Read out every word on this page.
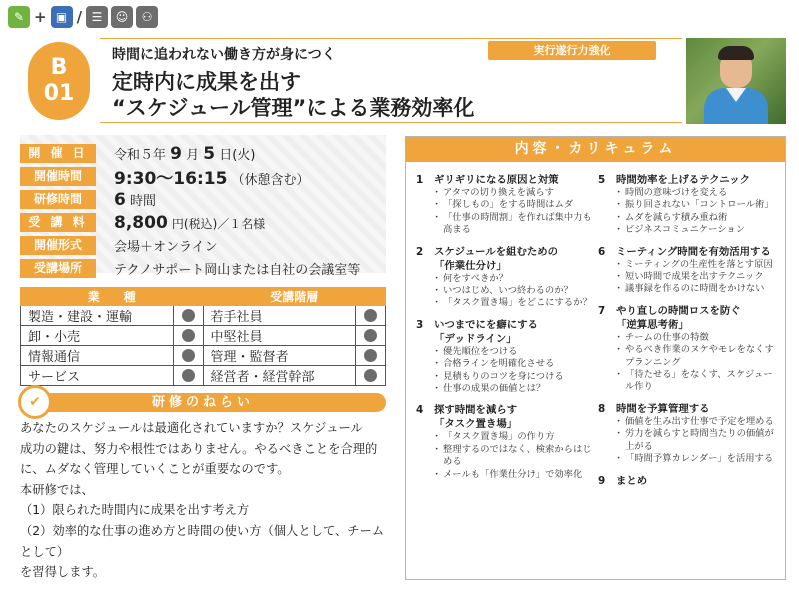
✎ + ▣ / ☰	☺	⚇
B
01
実行遂行力強化
時間に追われない働き方が身につく
定時内に成果を出す
“スケジュール管理”による業務効率化
開 催 日	令和５年 9 月 5 日(火)
開催時間	9:30～16:15 （休憩含む）
研修時間	6 時間
受 講 料	8,800 円(税込)／１名様
開催形式	会場＋オンライン
受講場所	テクノサポート岡山または自社の会議室等
業　　種		受講階層	
製造・建設・運輸		若手社員	
卸・小売		中堅社員	
情報通信		管理・監督者	
サービス		経営者・経営幹部	
研修のねらい
✔
あなたのスケジュールは最適化されていますか？スケジュール
成功の鍵は、努力や根性ではありません。やるべきことを合理的
に、ムダなく管理していくことが重要なのです。
本研修では、
（1）限られた時間内に成果を出す考え方
（2）効率的な仕事の進め方と時間の使い方（個人として、チーム
として）
を習得します。
内容・カリキュラム
1	ギリギリになる原因と対策
・ アタマの切り換えを減らす
・ 「探しもの」をする時間はムダ
・ 「仕事の時間割」を作れば集中力も高まる
2	スケジュールを組むための
「作業仕分け」
・ 何をすべきか？
・ いつはじめ、いつ終わるのか？
・ 「タスク置き場」をどこにするか？
3	いつまでにを癖にする
「デッドライン」
・ 優先順位をつける
・ 合格ラインを明確化させる
・ 見積もりのコツを身につける
・ 仕事の成果の価値とは？
4	探す時間を減らす
「タスク置き場」
・ 「タスク置き場」の作り方
・ 整理するのではなく、検索からはじめる
・ メールも「作業仕分け」で効率化
5	時間効率を上げるテクニック
・ 時間の意味づけを変える
・ 振り回されない「コントロール術」
・ ムダを減らす積み重ね術
・ ビジネスコミュニケーション
6	ミーティング時間を有効活用する
・ ミーティングの生産性を落とす原因
・ 短い時間で成果を出すテクニック
・ 議事録を作るのに時間をかけない
7	やり直しの時間ロスを防ぐ
「逆算思考術」
・ チームの仕事の特徴
・ やるべき作業のヌケやモレをなくすプランニング
・ 「待たせる」をなくす、スケジュール作り
8	時間を予算管理する
・ 価値を生み出す仕事で予定を埋める
・ 労力を減らすと時間当たりの価値が上がる
・ 「時間予算カレンダー」を活用する
9	まとめ
